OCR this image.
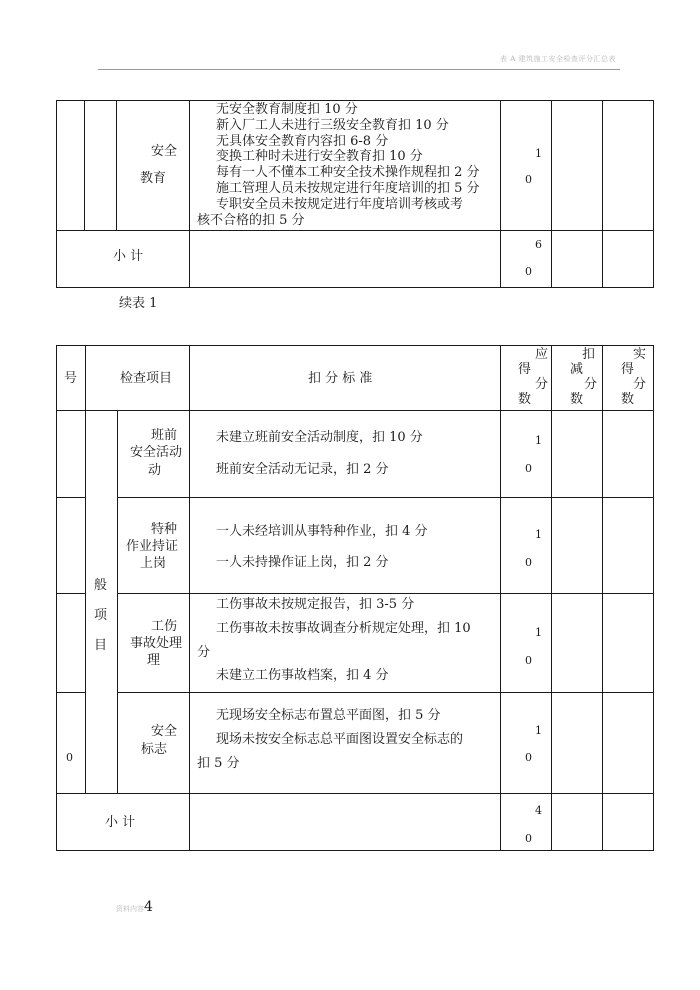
表 A 建筑施工安全检查评分汇总表
安全
教育
无安全教育制度扣 10 分
新入厂工人未进行三级安全教育扣 10 分
无具体安全教育内容扣 6-8 分
变换工种时未进行安全教育扣 10 分
每有一人不懂本工种安全技术操作规程扣 2 分
施工管理人员未按规定进行年度培训的扣 5 分
专职安全员未按规定进行年度培训考核或考
核不合格的扣 5 分
1
0
小 计
6
0
续表 1
号	检查项目	扣 分 标 准
应
得
分
数
扣
减
分
数
实
得
分
数
般
项
目
0
班前
安全活动
动
未建立班前安全活动制度，扣 10 分
班前安全活动无记录，扣 2 分
1
0
特种
作业持证
上岗
一人未经培训从事特种作业，扣 4 分
一人未持操作证上岗，扣 2 分
1
0
工伤
事故处理
理
工伤事故未按规定报告，扣 3-5 分
工伤事故未按事故调查分析规定处理，扣 10
分
未建立工伤事故档案，扣 4 分
1
0
安全
标志
无现场安全标志布置总平面图，扣 5 分
现场未按安全标志总平面图设置安全标志的
扣 5 分
1
0
小 计
4
0
资料内容4
